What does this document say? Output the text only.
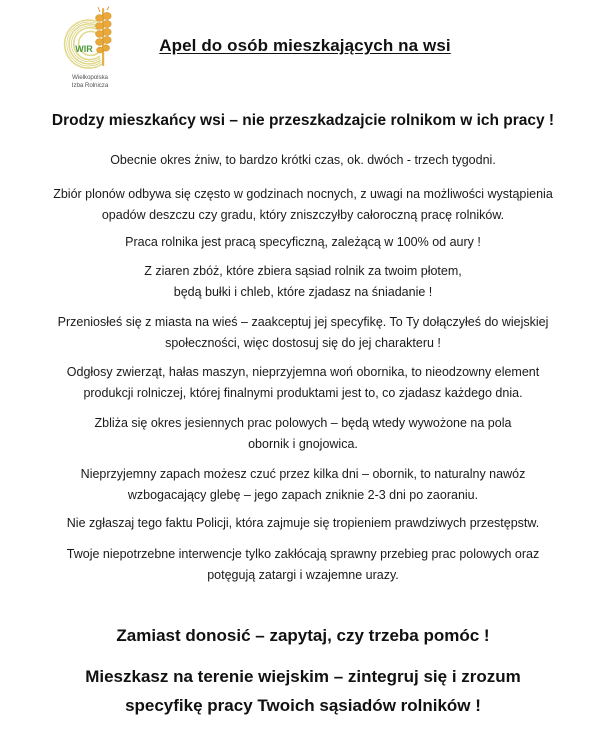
WIR
Wielkopolska
Izba Rolnicza
Apel do osób mieszkających na wsi
Drodzy mieszkańcy wsi – nie przeszkadzajcie rolnikom w ich pracy !
Obecnie okres żniw, to bardzo krótki czas, ok. dwóch - trzech tygodni.
Zbiór plonów odbywa się często w godzinach nocnych, z uwagi na możliwości wystąpienia
opadów deszczu czy gradu, który zniszczyłby całoroczną pracę rolników.
Praca rolnika jest pracą specyficzną, zależącą w 100% od aury !
Z ziaren zbóż, które zbiera sąsiad rolnik za twoim płotem,
będą bułki i chleb, które zjadasz na śniadanie !
Przeniosłeś się z miasta na wieś – zaakceptuj jej specyfikę. To Ty dołączyłeś do wiejskiej
społeczności, więc dostosuj się do jej charakteru !
Odgłosy zwierząt, hałas maszyn, nieprzyjemna woń obornika, to nieodzowny element
produkcji rolniczej, której finalnymi produktami jest to, co zjadasz każdego dnia.
Zbliża się okres jesiennych prac polowych – będą wtedy wywożone na pola
obornik i gnojowica.
Nieprzyjemny zapach możesz czuć przez kilka dni – obornik, to naturalny nawóz
wzbogacający glebę – jego zapach zniknie 2-3 dni po zaoraniu.
Nie zgłaszaj tego faktu Policji, która zajmuje się tropieniem prawdziwych przestępstw.
Twoje niepotrzebne interwencje tylko zakłócają sprawny przebieg prac polowych oraz
potęgują zatargi i wzajemne urazy.
Zamiast donosić – zapytaj, czy trzeba pomóc !
Mieszkasz na terenie wiejskim – zintegruj się i zrozum
specyfikę pracy Twoich sąsiadów rolników !
